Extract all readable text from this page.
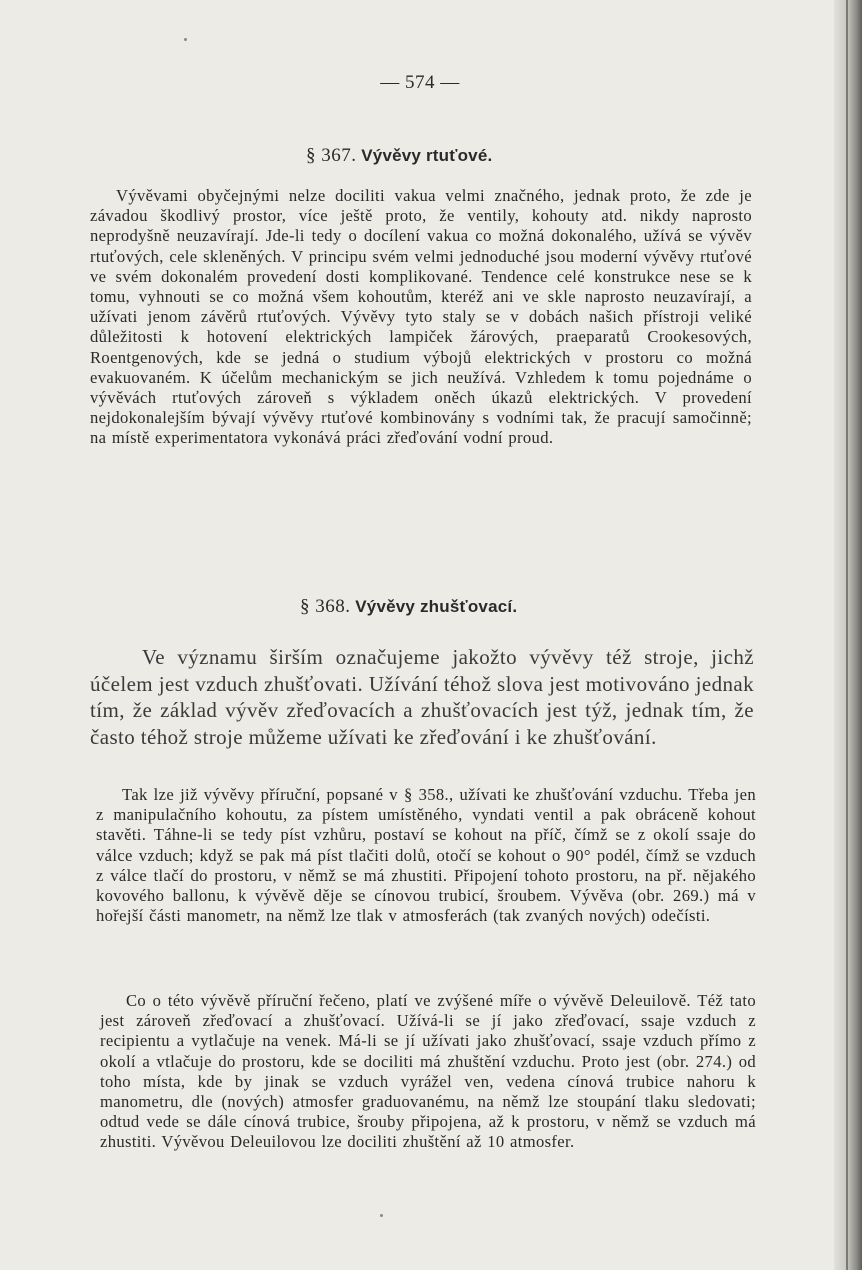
— 574 —
§ 367. Vývěvy rtuťové.

Vývěvami obyčejnými nelze dociliti vakua velmi značného, jednak proto, že zde je závadou škodlivý prostor, více ještě proto, že ventily, kohouty atd. nikdy naprosto neprodyšně neuzavírají. Jde-li tedy o docílení vakua co možná dokonalého, užívá se vývěv rtuťových, cele skleněných. V principu svém velmi jednoduché jsou moderní vývěvy rtuťové ve svém dokonalém provedení dosti komplikované. Tendence celé konstrukce nese se k tomu, vyhnouti se co možná všem kohoutům, kteréž ani ve skle naprosto neuzavírají, a užívati jenom závěrů rtuťových. Vývěvy tyto staly se v dobách našich přístroji veliké důležitosti k hotovení elektrických lampiček žárových, praeparatů Crookesových, Roentgenových, kde se jedná o studium výbojů elektrických v prostoru co možná evakuovaném. K účelům mechanickým se jich neužívá. Vzhledem k tomu pojednáme o vývěvách rtuťových zároveň s výkladem oněch úkazů elektrických. V provedení nejdokonalejším bývají vývěvy rtuťové kombinovány s vodními tak, že pracují samočinně; na místě experimentatora vykonává práci zřeďování vodní proud.

§ 368. Vývěvy zhušťovací.

Ve významu širším označujeme jakožto vývěvy též stroje, jichž účelem jest vzduch zhušťovati. Užívání téhož slova jest motivováno jednak tím, že základ vývěv zřeďovacích a zhušťovacích jest týž, jednak tím, že často téhož stroje můžeme užívati ke zřeďování i ke zhušťování.

Tak lze již vývěvy příruční, popsané v § 358., užívati ke zhušťování vzduchu. Třeba jen z manipulačního kohoutu, za pístem umístěného, vyndati ventil a pak obráceně kohout stavěti. Táhne-li se tedy píst vzhůru, postaví se kohout na příč, čímž se z okolí ssaje do válce vzduch; když se pak má píst tlačiti dolů, otočí se kohout o 90° podél, čímž se vzduch z válce tlačí do prostoru, v němž se má zhustiti. Připojení tohoto prostoru, na př. nějakého kovového ballonu, k vývěvě děje se cínovou trubicí, šroubem. Vývěva (obr. 269.) má v hořejší části manometr, na němž lze tlak v atmosferách (tak zvaných nových) odečísti.

Co o této vývěvě příruční řečeno, platí ve zvýšené míře o vývěvě Deleuilově. Též tato jest zároveň zřeďovací a zhušťovací. Užívá-li se jí jako zřeďovací, ssaje vzduch z recipientu a vytlačuje na venek. Má-li se jí užívati jako zhušťovací, ssaje vzduch přímo z okolí a vtlačuje do prostoru, kde se dociliti má zhuštění vzduchu. Proto jest (obr. 274.) od toho místa, kde by jinak se vzduch vyrážel ven, vedena cínová trubice nahoru k manometru, dle (nových) atmosfer graduovanému, na němž lze stoupání tlaku sledovati; odtud vede se dále cínová trubice, šrouby připojena, až k prostoru, v němž se vzduch má zhustiti. Vývěvou Deleuilovou lze dociliti zhuštění až 10 atmosfer.
